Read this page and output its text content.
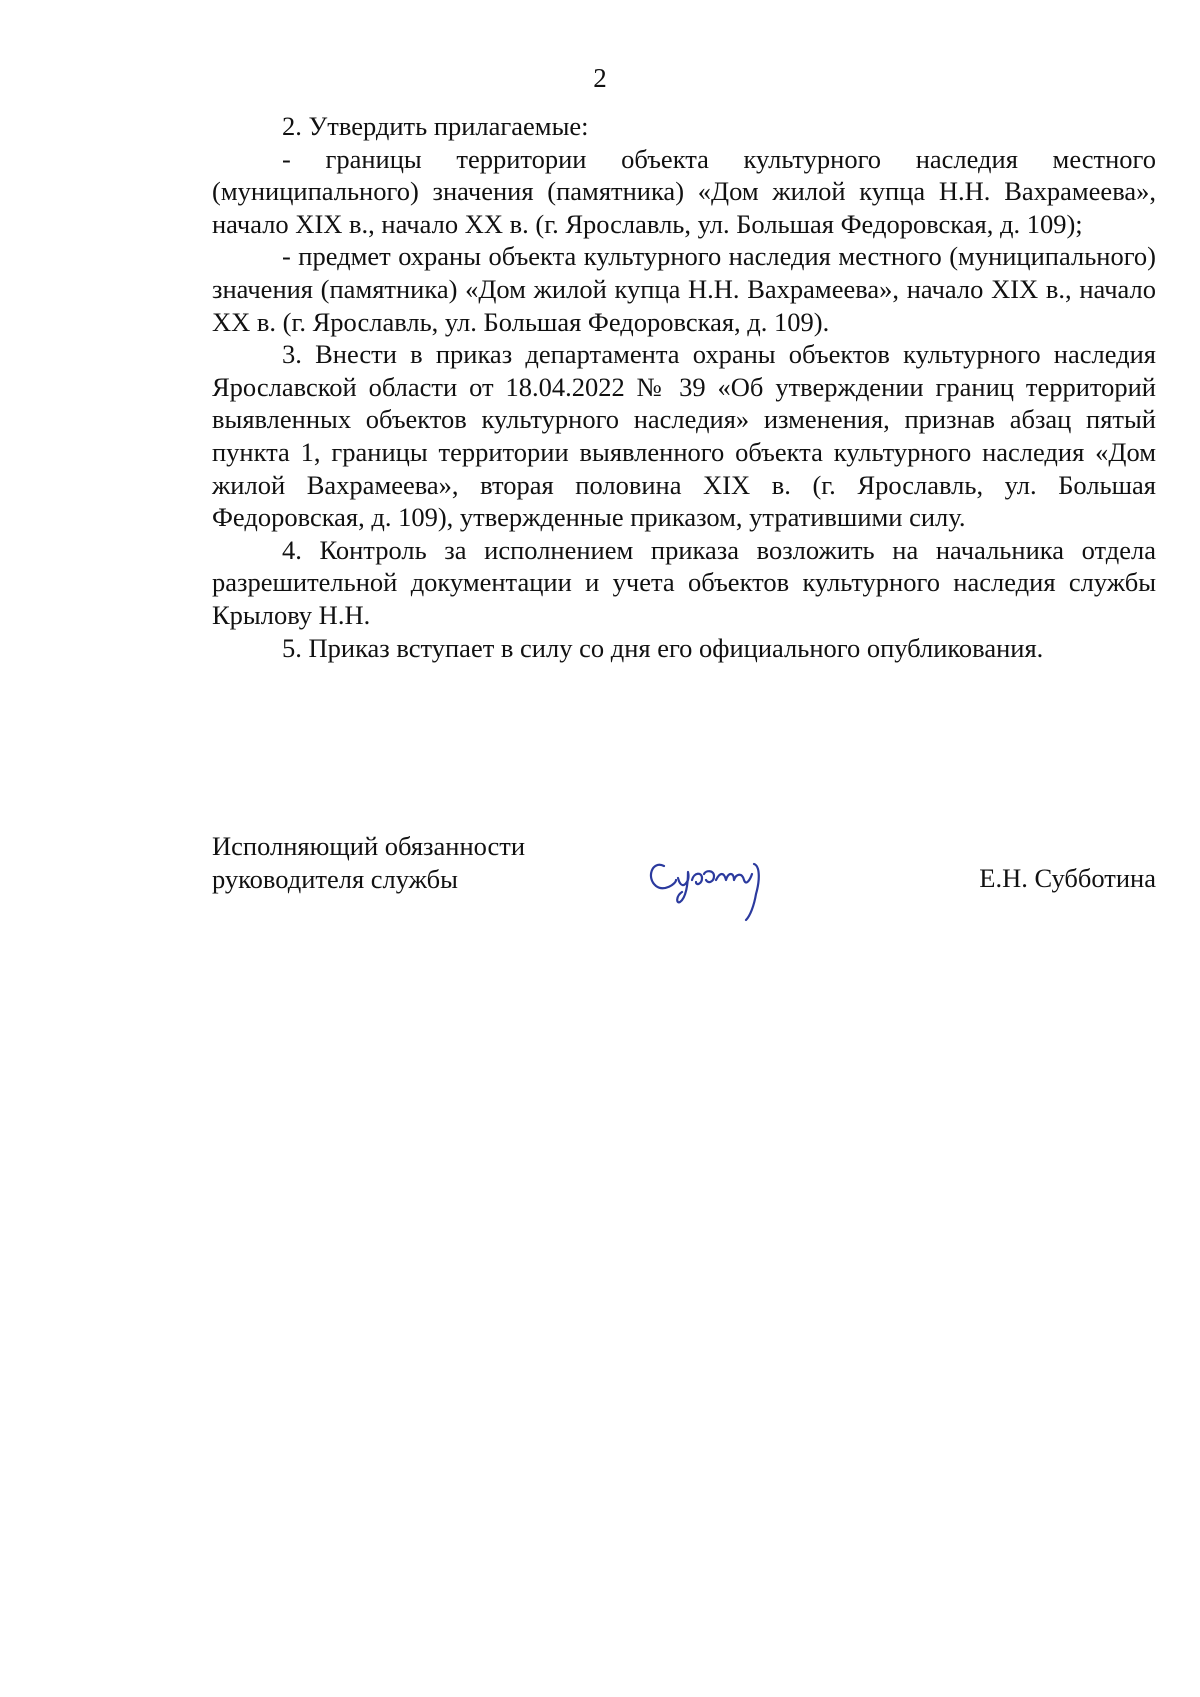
2

2. Утвердить прилагаемые:

- границы территории объекта культурного наследия местного (муниципального) значения (памятника) «Дом жилой купца Н.Н. Вахрамеева», начало XIX в., начало XX в. (г. Ярославль, ул. Большая Федоровская, д. 109);

- предмет охраны объекта культурного наследия местного (муниципального) значения (памятника) «Дом жилой купца Н.Н. Вахрамеева», начало XIX в., начало XX в. (г. Ярославль, ул. Большая Федоровская, д. 109).

3. Внести в приказ департамента охраны объектов культурного наследия Ярославской области от 18.04.2022 № 39 «Об утверждении границ территорий выявленных объектов культурного наследия» изменения, признав абзац пятый пункта 1, границы территории выявленного объекта культурного наследия «Дом жилой Вахрамеева», вторая половина XIX в. (г. Ярославль, ул. Большая Федоровская, д. 109), утвержденные приказом, утратившими силу.

4. Контроль за исполнением приказа возложить на начальника отдела разрешительной документации и учета объектов культурного наследия службы Крылову Н.Н.

5. Приказ вступает в силу со дня его официального опубликования.

Исполняющий обязанности
руководителя службы	Е.Н. Субботина
